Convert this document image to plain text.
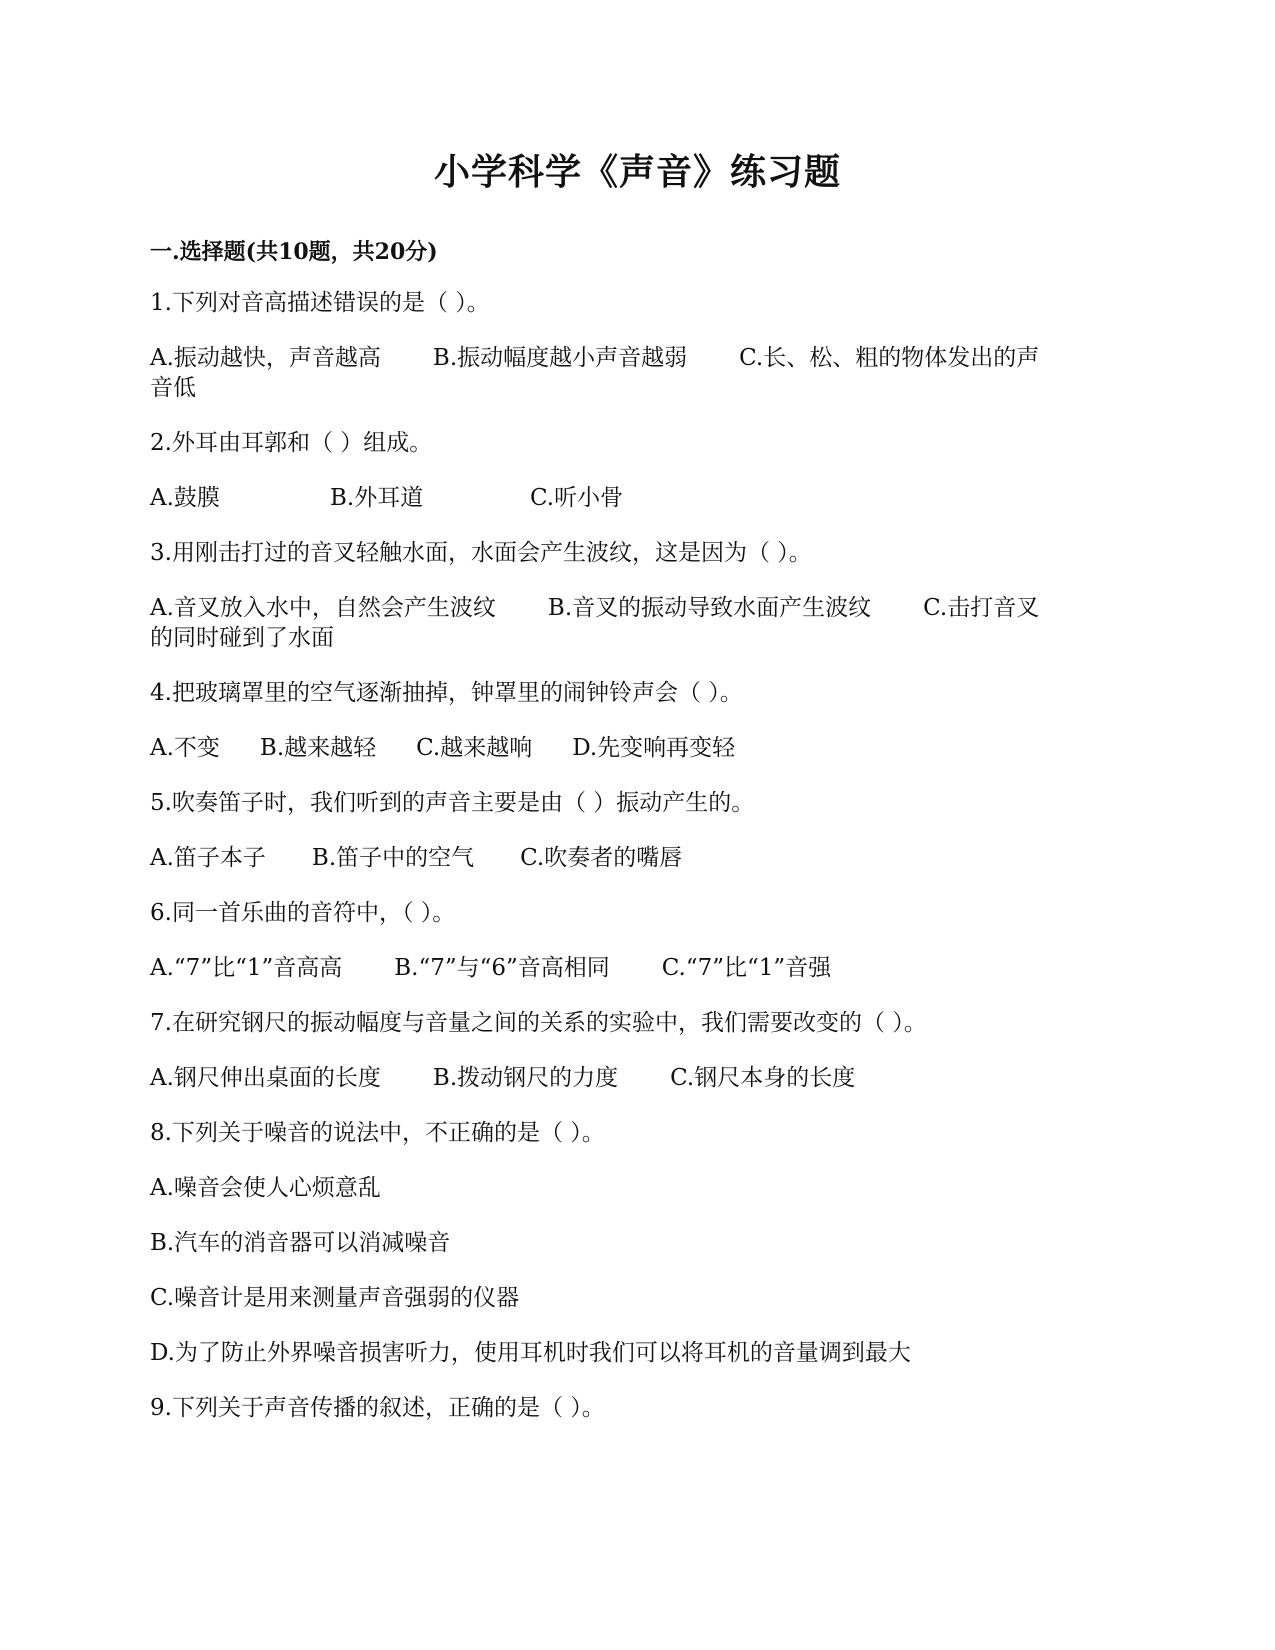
小学科学《声音》练习题
一.选择题(共10题，共20分)
1.下列对音高描述错误的是（ ）。
A.振动越快，声音越高 B.振动幅度越小声音越弱 C.长、松、粗的物体发出的声
音低
2.外耳由耳郭和（ ）组成。
A.鼓膜	B.外耳道	C.听小骨
3.用刚击打过的音叉轻触水面，水面会产生波纹，这是因为（ ）。
A.音叉放入水中，自然会产生波纹 B.音叉的振动导致水面产生波纹 C.击打音叉
的同时碰到了水面
4.把玻璃罩里的空气逐渐抽掉，钟罩里的闹钟铃声会（ ）。
A.不变 B.越来越轻 C.越来越响 D.先变响再变轻
5.吹奏笛子时，我们听到的声音主要是由（ ）振动产生的。
A.笛子本子 B.笛子中的空气 C.吹奏者的嘴唇
6.同一首乐曲的音符中，（ ）。
A.“7”比“1”音高高 B.“7”与“6”音高相同 C.“7”比“1”音强
7.在研究钢尺的振动幅度与音量之间的关系的实验中，我们需要改变的（ ）。
A.钢尺伸出桌面的长度 B.拨动钢尺的力度 C.钢尺本身的长度
8.下列关于噪音的说法中，不正确的是（ ）。
A.噪音会使人心烦意乱
B.汽车的消音器可以消减噪音
C.噪音计是用来测量声音强弱的仪器
D.为了防止外界噪音损害听力，使用耳机时我们可以将耳机的音量调到最大
9.下列关于声音传播的叙述，正确的是（ ）。
